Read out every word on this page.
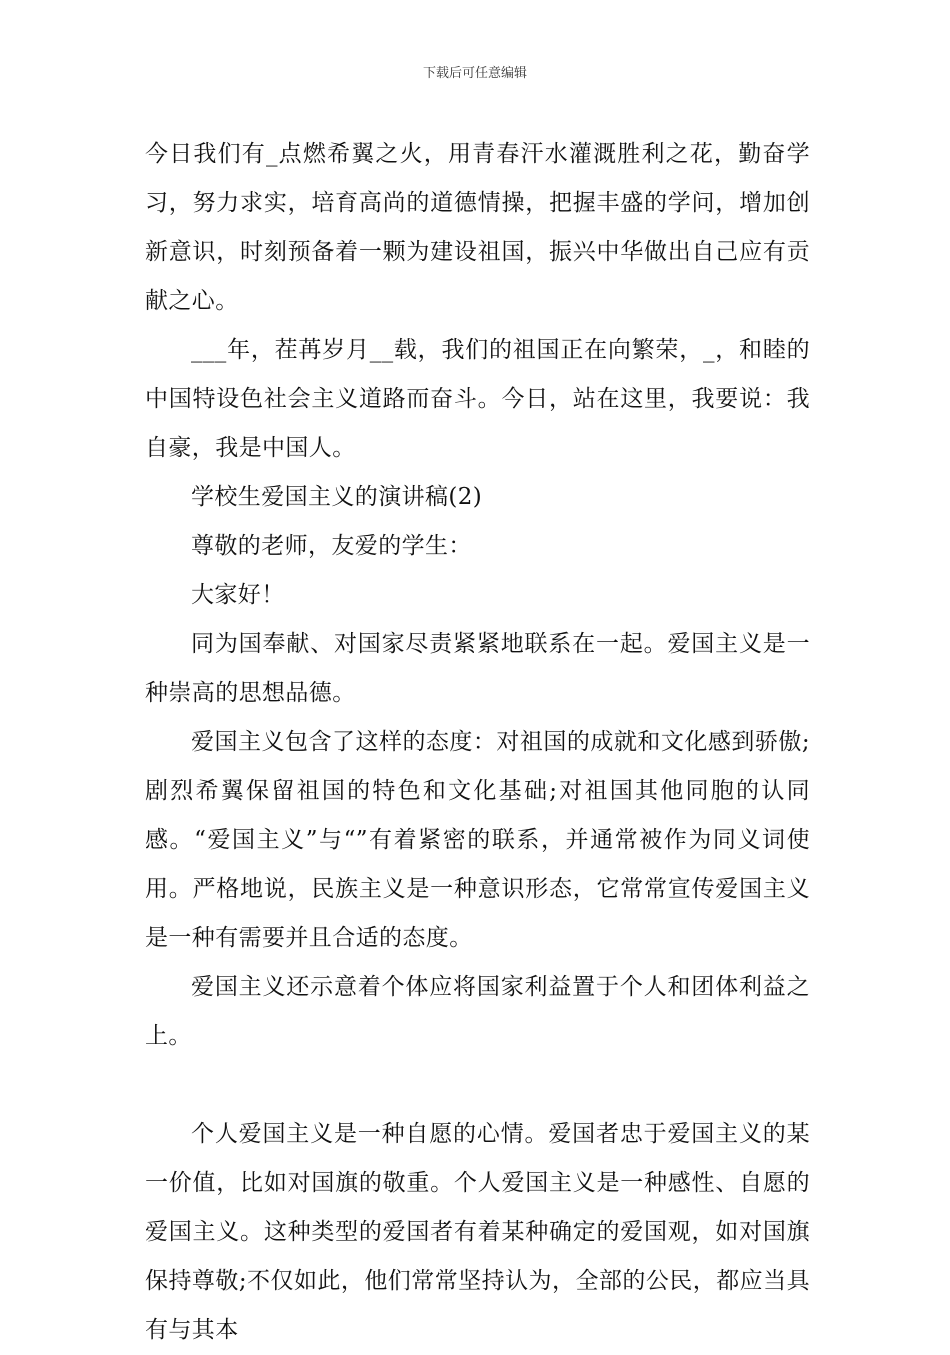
下载后可任意编辑

今日我们有_点燃希翼之火，用青春汗水灌溉胜利之花，勤奋学习，努力求实，培育高尚的道德情操，把握丰盛的学问，增加创新意识，时刻预备着一颗为建设祖国，振兴中华做出自己应有贡献之心。

___年，茬苒岁月__载，我们的祖国正在向繁荣，_，和睦的中国特设色社会主义道路而奋斗。今日，站在这里，我要说：我自豪，我是中国人。

学校生爱国主义的演讲稿(2)

尊敬的老师，友爱的学生：

大家好！

同为国奉献、对国家尽责紧紧地联系在一起。爱国主义是一种崇高的思想品德。

爱国主义包含了这样的态度：对祖国的成就和文化感到骄傲;剧烈希翼保留祖国的特色和文化基础;对祖国其他同胞的认同感。“爱国主义”与“”有着紧密的联系，并通常被作为同义词使用。严格地说，民族主义是一种意识形态，它常常宣传爱国主义是一种有需要并且合适的态度。

爱国主义还示意着个体应将国家利益置于个人和团体利益之上。

个人爱国主义是一种自愿的心情。爱国者忠于爱国主义的某一价值，比如对国旗的敬重。个人爱国主义是一种感性、自愿的爱国主义。这种类型的爱国者有着某种确定的爱国观，如对国旗保持尊敬;不仅如此，他们常常坚持认为，全部的公民，都应当具有与其本
